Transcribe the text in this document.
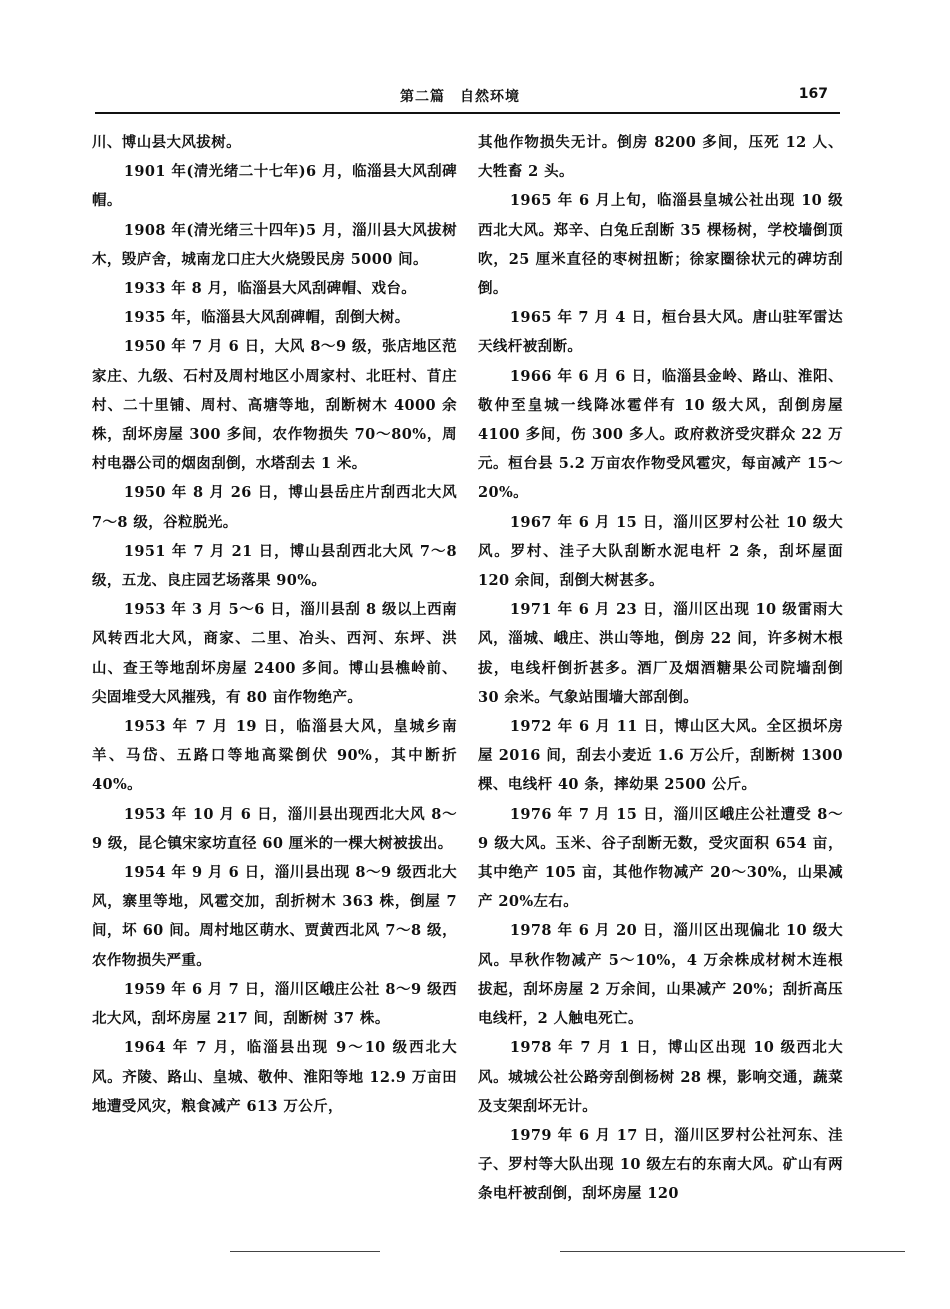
第二篇　自然环境	167

川、博山县大风拔树。

1901 年(清光绪二十七年)6 月，临淄县大风刮碑帽。

1908 年(清光绪三十四年)5 月，淄川县大风拔树木，毁庐舍，城南龙口庄大火烧毁民房 5000 间。

1933 年 8 月，临淄县大风刮碑帽、戏台。

1935 年，临淄县大风刮碑帽，刮倒大树。

1950 年 7 月 6 日，大风 8～9 级，张店地区范家庄、九级、石村及周村地区小周家村、北旺村、苜庄村、二十里铺、周村、高塘等地，刮断树木 4000 余株，刮坏房屋 300 多间，农作物损失 70～80%，周村电器公司的烟囱刮倒，水塔刮去 1 米。

1950 年 8 月 26 日，博山县岳庄片刮西北大风 7～8 级，谷粒脱光。

1951 年 7 月 21 日，博山县刮西北大风 7～8 级，五龙、良庄园艺场落果 90%。

1953 年 3 月 5～6 日，淄川县刮 8 级以上西南风转西北大风，商家、二里、冶头、西河、东坪、洪山、查王等地刮坏房屋 2400 多间。博山县樵岭前、尖固堆受大风摧残，有 80 亩作物绝产。

1953 年 7 月 19 日，临淄县大风，皇城乡南羊、马岱、五路口等地高粱倒伏 90%，其中断折 40%。

1953 年 10 月 6 日，淄川县出现西北大风 8～9 级，昆仑镇宋家坊直径 60 厘米的一棵大树被拔出。

1954 年 9 月 6 日，淄川县出现 8～9 级西北大风，寨里等地，风雹交加，刮折树木 363 株，倒屋 7 间，坏 60 间。周村地区萌水、贾黄西北风 7～8 级，农作物损失严重。

1959 年 6 月 7 日，淄川区峨庄公社 8～9 级西北大风，刮坏房屋 217 间，刮断树 37 株。

1964 年 7 月，临淄县出现 9～10 级西北大风。齐陵、路山、皇城、敬仲、淮阳等地 12.9 万亩田地遭受风灾，粮食减产 613 万公斤，

其他作物损失无计。倒房 8200 多间，压死 12 人、大牲畜 2 头。

1965 年 6 月上旬，临淄县皇城公社出现 10 级西北大风。郑辛、白兔丘刮断 35 棵杨树，学校墙倒顶吹，25 厘米直径的枣树扭断；徐家圈徐状元的碑坊刮倒。

1965 年 7 月 4 日，桓台县大风。唐山驻军雷达天线杆被刮断。

1966 年 6 月 6 日，临淄县金岭、路山、淮阳、敬仲至皇城一线降冰雹伴有 10 级大风，刮倒房屋 4100 多间，伤 300 多人。政府救济受灾群众 22 万元。桓台县 5.2 万亩农作物受风雹灾，每亩减产 15～20%。

1967 年 6 月 15 日，淄川区罗村公社 10 级大风。罗村、洼子大队刮断水泥电杆 2 条，刮坏屋面 120 余间，刮倒大树甚多。

1971 年 6 月 23 日，淄川区出现 10 级雷雨大风，淄城、峨庄、洪山等地，倒房 22 间，许多树木根拔，电线杆倒折甚多。酒厂及烟酒糖果公司院墙刮倒 30 余米。气象站围墙大部刮倒。

1972 年 6 月 11 日，博山区大风。全区损坏房屋 2016 间，刮去小麦近 1.6 万公斤，刮断树 1300 棵、电线杆 40 条，摔幼果 2500 公斤。

1976 年 7 月 15 日，淄川区峨庄公社遭受 8～9 级大风。玉米、谷子刮断无数，受灾面积 654 亩，其中绝产 105 亩，其他作物减产 20～30%，山果减产 20%左右。

1978 年 6 月 20 日，淄川区出现偏北 10 级大风。早秋作物减产 5～10%，4 万余株成材树木连根拔起，刮坏房屋 2 万余间，山果减产 20%；刮折高压电线杆，2 人触电死亡。

1978 年 7 月 1 日，博山区出现 10 级西北大风。城城公社公路旁刮倒杨树 28 棵，影响交通，蔬菜及支架刮坏无计。

1979 年 6 月 17 日，淄川区罗村公社河东、洼子、罗村等大队出现 10 级左右的东南大风。矿山有两条电杆被刮倒，刮坏房屋 120
